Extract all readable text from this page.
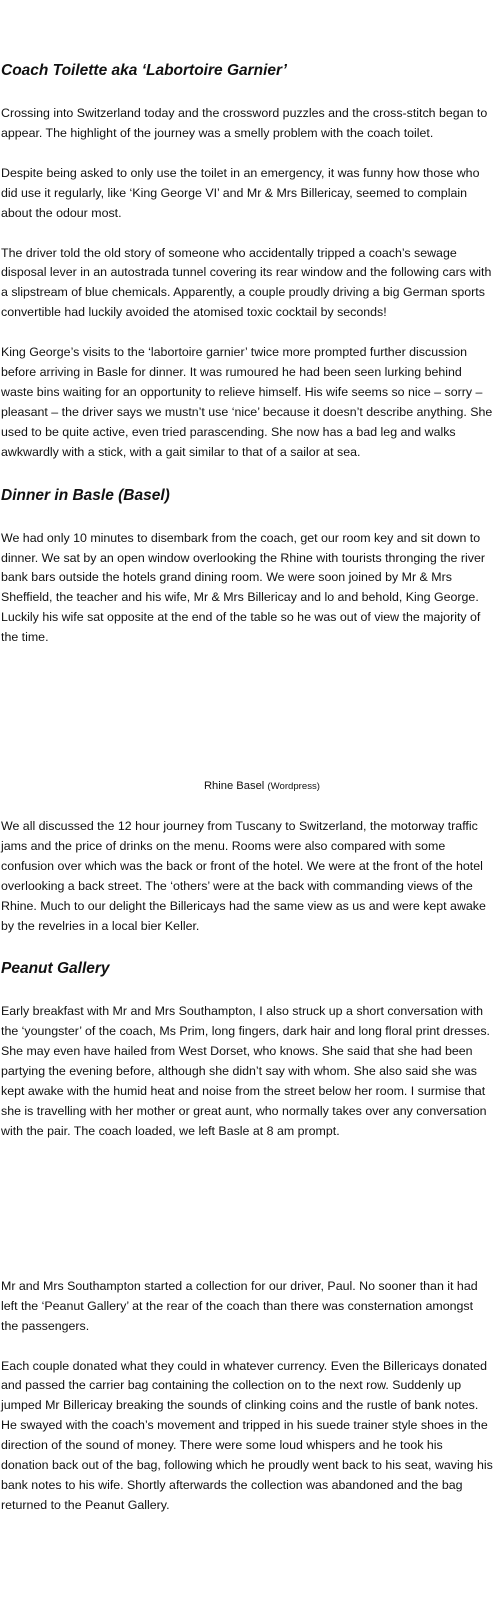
Coach Toilette aka ‘Labortoire Garnier’

Crossing into Switzerland today and the crossword puzzles and the cross-stitch began to appear. The highlight of the journey was a smelly problem with the coach toilet.

Despite being asked to only use the toilet in an emergency, it was funny how those who did use it regularly, like ‘King George VI’ and Mr & Mrs Billericay, seemed to complain about the odour most.

The driver told the old story of someone who accidentally tripped a coach’s sewage disposal lever in an autostrada tunnel covering its rear window and the following cars with a slipstream of blue chemicals. Apparently, a couple proudly driving a big German sports convertible had luckily avoided the atomised toxic cocktail by seconds!

King George’s visits to the ‘labortoire garnier’ twice more prompted further discussion before arriving in Basle for dinner. It was rumoured he had been seen lurking behind waste bins waiting for an opportunity to relieve himself. His wife seems so nice – sorry – pleasant – the driver says we mustn’t use ‘nice’ because it doesn’t describe anything. She used to be quite active, even tried parascending. She now has a bad leg and walks awkwardly with a stick, with a gait similar to that of a sailor at sea.

Dinner in Basle (Basel)

We had only 10 minutes to disembark from the coach, get our room key and sit down to dinner. We sat by an open window overlooking the Rhine with tourists thronging the river bank bars outside the hotels grand dining room. We were soon joined by Mr & Mrs Sheffield, the teacher and his wife, Mr & Mrs Billericay and lo and behold, King George. Luckily his wife sat opposite at the end of the table so he was out of view the majority of the time.

Rhine Basel (Wordpress)

We all discussed the 12 hour journey from Tuscany to Switzerland, the motorway traffic jams and the price of drinks on the menu. Rooms were also compared with some confusion over which was the back or front of the hotel. We were at the front of the hotel overlooking a back street. The ‘others’ were at the back with commanding views of the Rhine. Much to our delight the Billericays had the same view as us and were kept awake by the revelries in a local bier Keller.

Peanut Gallery

Early breakfast with Mr and Mrs Southampton, I also struck up a short conversation with the ‘youngster’ of the coach, Ms Prim, long fingers, dark hair and long floral print dresses. She may even have hailed from West Dorset, who knows. She said that she had been partying the evening before, although she didn’t say with whom. She also said she was kept awake with the humid heat and noise from the street below her room. I surmise that she is travelling with her mother or great aunt, who normally takes over any conversation with the pair. The coach loaded, we left Basle at 8 am prompt.

Mr and Mrs Southampton started a collection for our driver, Paul. No sooner than it had left the ‘Peanut Gallery’ at the rear of the coach than there was consternation amongst the passengers.

Each couple donated what they could in whatever currency. Even the Billericays donated and passed the carrier bag containing the collection on to the next row. Suddenly up jumped Mr Billericay breaking the sounds of clinking coins and the rustle of bank notes. He swayed with the coach’s movement and tripped in his suede trainer style shoes in the direction of the sound of money. There were some loud whispers and he took his donation back out of the bag, following which he proudly went back to his seat, waving his bank notes to his wife. Shortly afterwards the collection was abandoned and the bag returned to the Peanut Gallery.
